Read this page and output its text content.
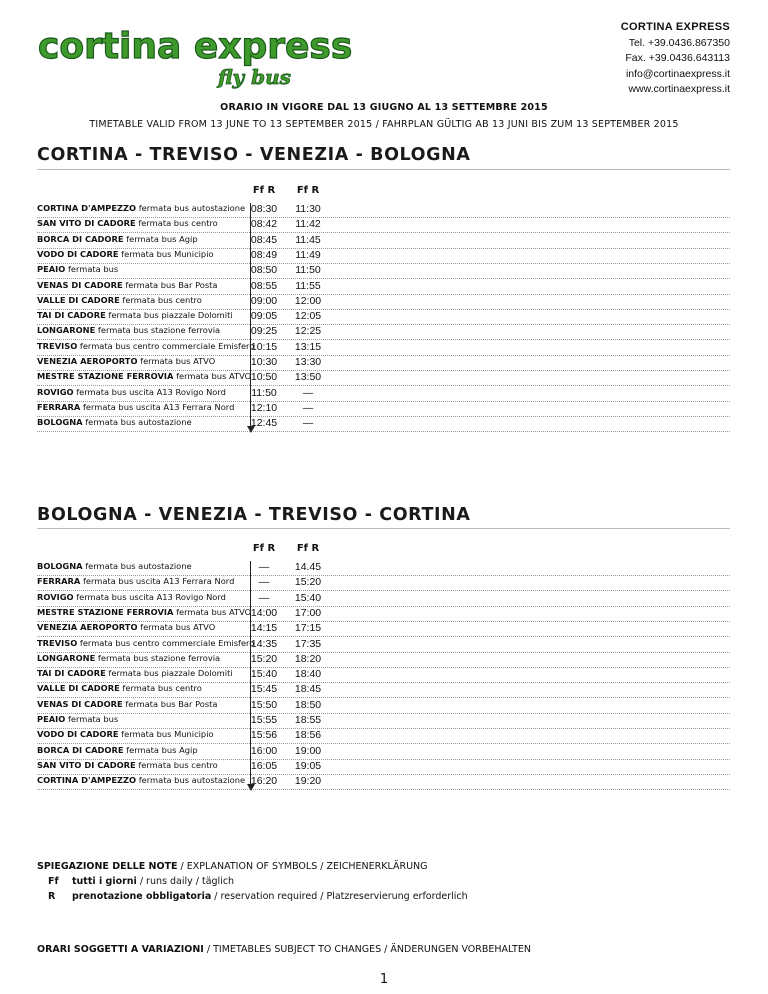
cortina express
fly bus
CORTINA EXPRESS
Tel. +39.0436.867350
Fax. +39.0436.643113
info@cortinaexpress.it
www.cortinaexpress.it
ORARIO IN VIGORE DAL 13 GIUGNO AL 13 SETTEMBRE 2015
TIMETABLE VALID FROM 13 JUNE TO 13 SEPTEMBER 2015 / FAHRPLAN GÜLTIG AB 13 JUNI BIS ZUM 13 SEPTEMBER 2015
CORTINA - TREVISO - VENEZIA - BOLOGNA
Ff R	Ff R
CORTINA D'AMPEZZO fermata bus autostazione 08:30	11:30
SAN VITO DI CADORE fermata bus centro	08:42	11:42
BORCA DI CADORE fermata bus Agip	08:45	11:45
VODO DI CADORE fermata bus Municipio	08:49	11:49
PEAIO fermata bus	08:50	11:50
VENAS DI CADORE fermata bus Bar Posta	08:55	11:55
VALLE DI CADORE fermata bus centro	09:00	12:00
TAI DI CADORE fermata bus piazzale Dolomiti	09:05	12:05
LONGARONE fermata bus stazione ferrovia	09:25	12:25
TREVISO fermata bus centro commerciale Emisfero
10:15	13:15
VENEZIA AEROPORTO fermata bus ATVO	10:30	13:30
MESTRE STAZIONE FERROVIA fermata bus ATVO 10:50	13:50
ROVIGO fermata bus uscita A13 Rovigo Nord	11:50	—
FERRARA fermata bus uscita A13 Ferrara Nord	12:10	—
BOLOGNA fermata bus autostazione	12:45	—
BOLOGNA - VENEZIA - TREVISO - CORTINA
Ff R	Ff R
BOLOGNA fermata bus autostazione	—	14.45
FERRARA fermata bus uscita A13 Ferrara Nord	—	15:20
ROVIGO fermata bus uscita A13 Rovigo Nord	—	15:40
MESTRE STAZIONE FERROVIA fermata bus ATVO 14:00	17:00
VENEZIA AEROPORTO fermata bus ATVO	14:15	17:15
TREVISO fermata bus centro commerciale Emisfero
14:35	17:35
LONGARONE fermata bus stazione ferrovia	15:20	18:20
TAI DI CADORE fermata bus piazzale Dolomiti	15:40	18:40
VALLE DI CADORE fermata bus centro	15:45	18:45
VENAS DI CADORE fermata bus Bar Posta	15:50	18:50
PEAIO fermata bus	15:55	18:55
VODO DI CADORE fermata bus Municipio	15:56	18:56
BORCA DI CADORE fermata bus Agip	16:00	19:00
SAN VITO DI CADORE fermata bus centro	16:05	19:05
CORTINA D'AMPEZZO fermata bus autostazione 16:20	19:20
SPIEGAZIONE DELLE NOTE / EXPLANATION OF SYMBOLS / ZEICHENERKLÄRUNG
Ff tutti i giorni / runs daily / täglich
R prenotazione obbligatoria / reservation required / Platzreservierung erforderlich
ORARI SOGGETTI A VARIAZIONI / TIMETABLES SUBJECT TO CHANGES / ÄNDERUNGEN VORBEHALTEN
1
